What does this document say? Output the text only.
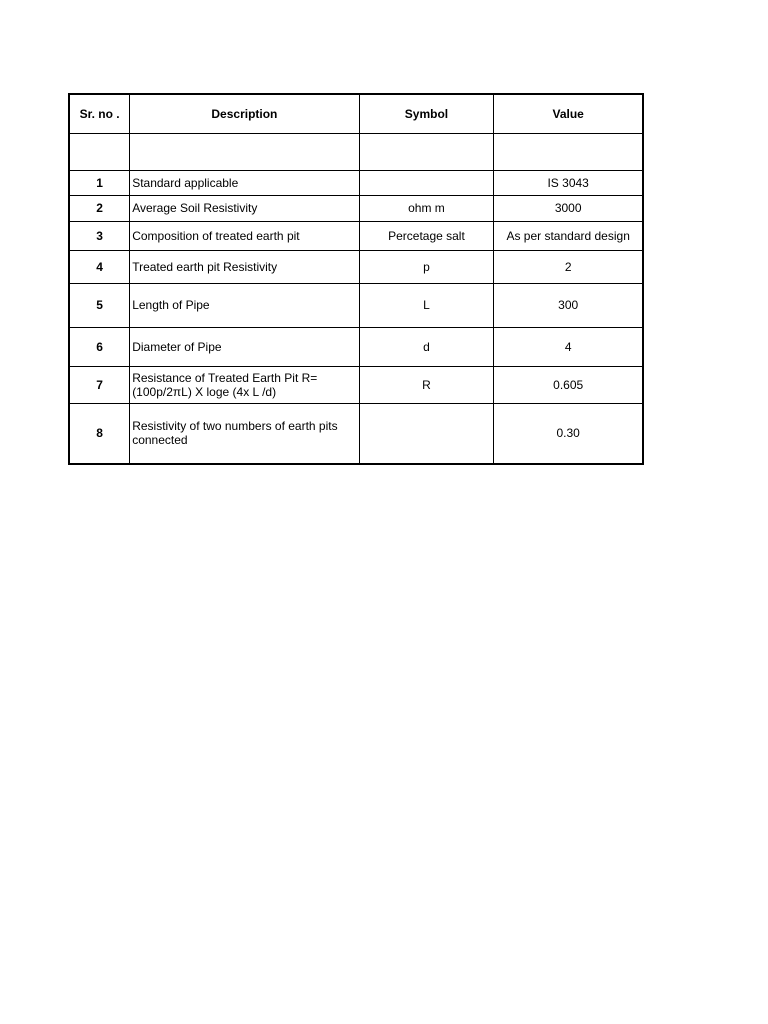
Sr. no .	Description	Symbol	Value

1	Standard applicable		IS 3043
2	Average Soil Resistivity	ohm m	3000
3	Composition of treated earth pit	Percetage salt	As per standard design
4	Treated earth pit Resistivity	p	2
5	Length of Pipe	L	300
6	Diameter of Pipe	d	4
7	Resistance of Treated Earth Pit R= (100p/2πL) X loge (4x L /d)	R	0.605
8	Resistivity of two numbers of earth pits connected		0.30
